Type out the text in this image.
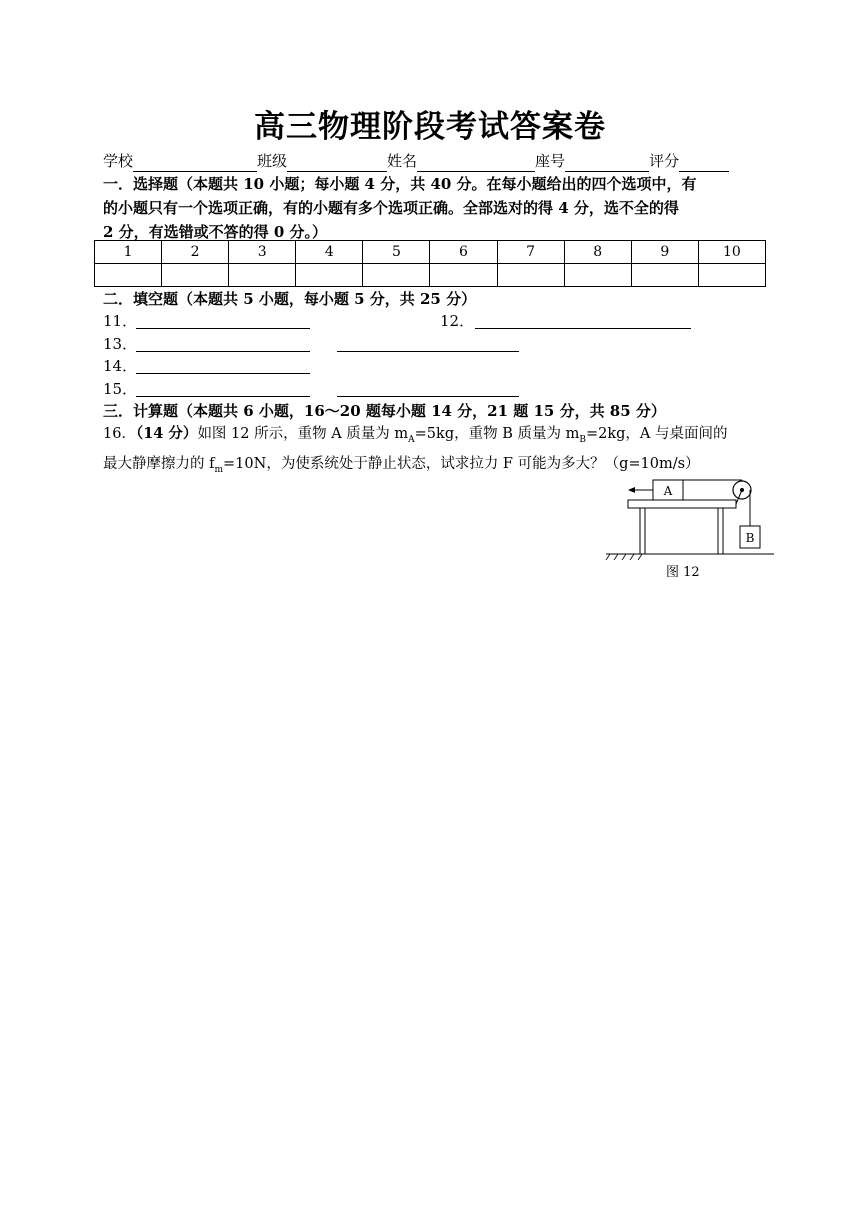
高三物理阶段考试答案卷
学校	班级	姓名	座号	评分
一．选择题（本题共 10 小题；每小题 4 分，共 40 分。在每小题给出的四个选项中，有
的小题只有一个选项正确，有的小题有多个选项正确。全部选对的得 4 分，选不全的得
2 分，有选错或不答的得 0 分。）
1	2	3	4	5	6	7	8	9	10

二．填空题（本题共 5 小题，每小题 5 分，共 25 分）
11．	12．
13．
14．
15．
三．计算题（本题共 6 小题，16～20 题每小题 14 分，21 题 15 分，共 85 分）
16．（14 分）如图 12 所示，重物 A 质量为 $m_A=5kg$，重物 B 质量为 $m_B=2kg$，A 与桌面间的
最大静摩擦力的 $f_m=10N$，为使系统处于静止状态，试求拉力 F 可能为多大？（g=10m/s）
A
B
图 12
